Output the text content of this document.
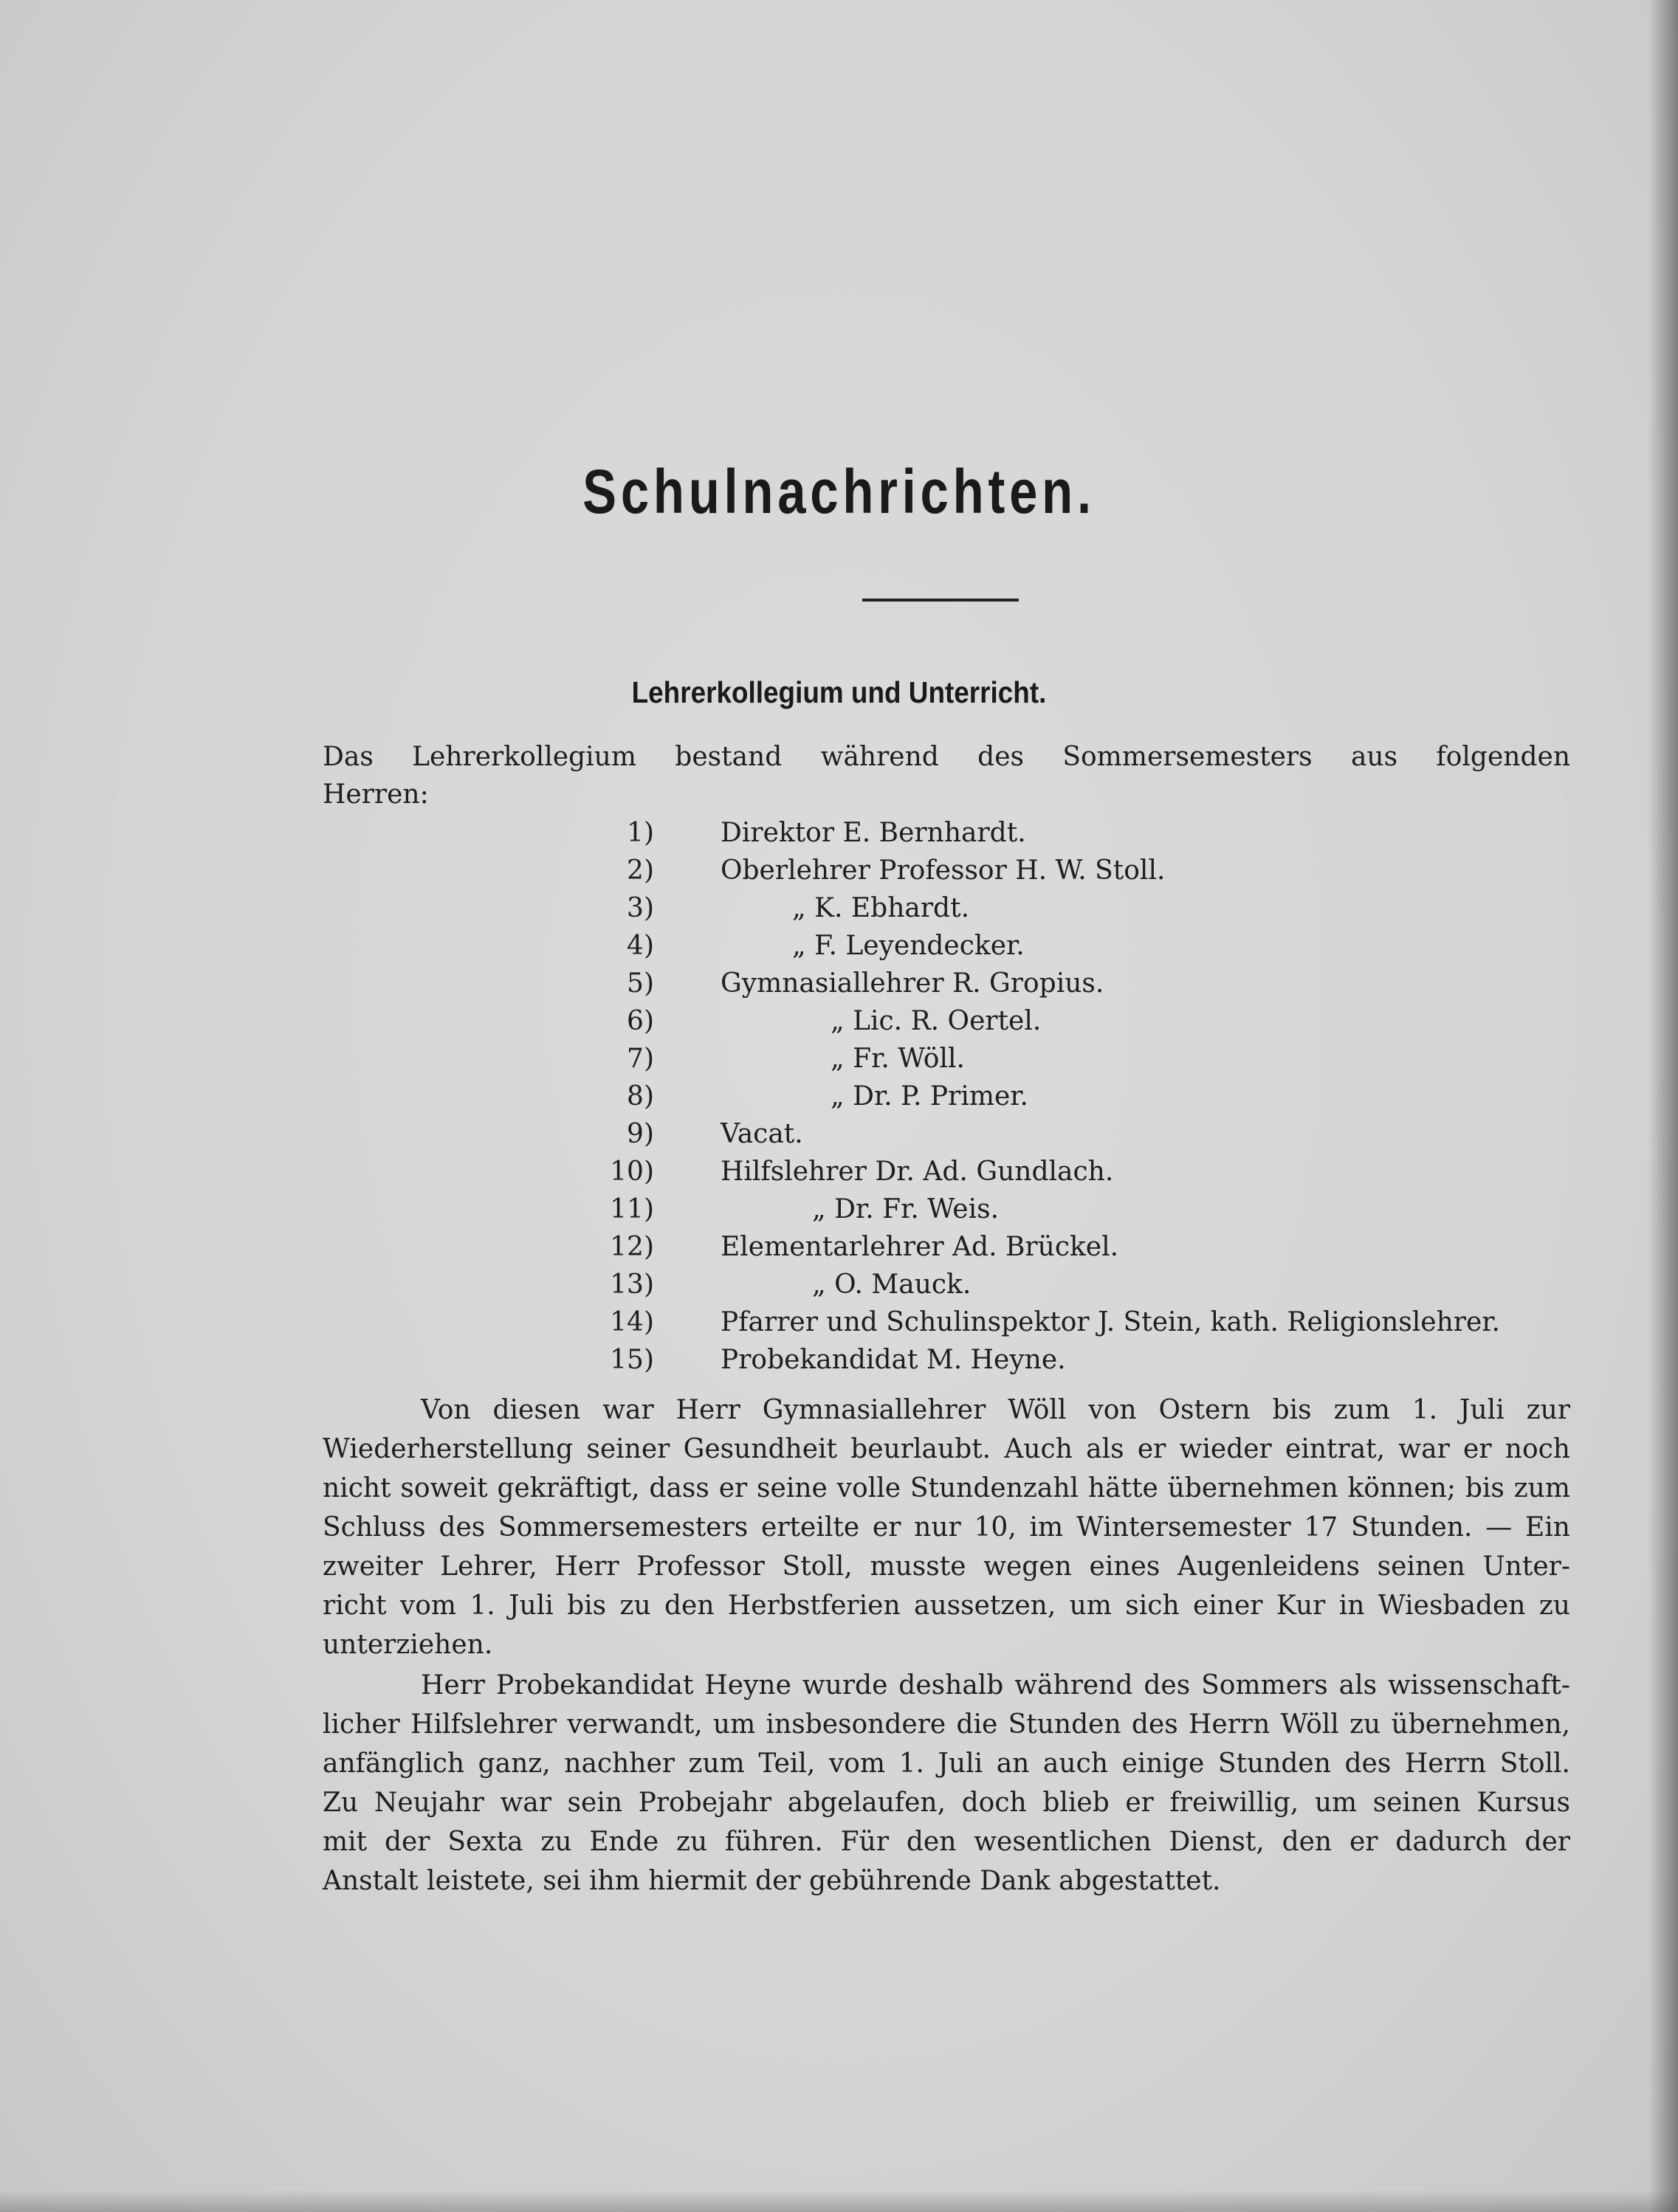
Schulnachrichten.
Lehrerkollegium und Unterricht.
Das Lehrerkollegium bestand während des Sommersemesters aus folgenden
Herren:
1)	Direktor E. Bernhardt.
2)	Oberlehrer Professor H. W. Stoll.
3)	„ K. Ebhardt.
4)	„ F. Leyendecker.
5)	Gymnasiallehrer R. Gropius.
6)	„ Lic. R. Oertel.
7)	„ Fr. Wöll.
8)	„ Dr. P. Primer.
9)	Vacat.
10)	Hilfslehrer Dr. Ad. Gundlach.
11)	„ Dr. Fr. Weis.
12)	Elementarlehrer Ad. Brückel.
13)	„ O. Mauck.
14)	Pfarrer und Schulinspektor J. Stein, kath. Religionslehrer.
15)	Probekandidat M. Heyne.
Von diesen war Herr Gymnasiallehrer Wöll von Ostern bis zum 1. Juli zur
Wiederherstellung seiner Gesundheit beurlaubt. Auch als er wieder eintrat, war er noch
nicht soweit gekräftigt, dass er seine volle Stundenzahl hätte übernehmen können; bis zum
Schluss des Sommersemesters erteilte er nur 10, im Wintersemester 17 Stunden. — Ein
zweiter Lehrer, Herr Professor Stoll, musste wegen eines Augenleidens seinen Unter-
richt vom 1. Juli bis zu den Herbstferien aussetzen, um sich einer Kur in Wiesbaden zu
unterziehen.
Herr Probekandidat Heyne wurde deshalb während des Sommers als wissenschaft-
licher Hilfslehrer verwandt, um insbesondere die Stunden des Herrn Wöll zu übernehmen,
anfänglich ganz, nachher zum Teil, vom 1. Juli an auch einige Stunden des Herrn Stoll.
Zu Neujahr war sein Probejahr abgelaufen, doch blieb er freiwillig, um seinen Kursus
mit der Sexta zu Ende zu führen. Für den wesentlichen Dienst, den er dadurch der
Anstalt leistete, sei ihm hiermit der gebührende Dank abgestattet.
